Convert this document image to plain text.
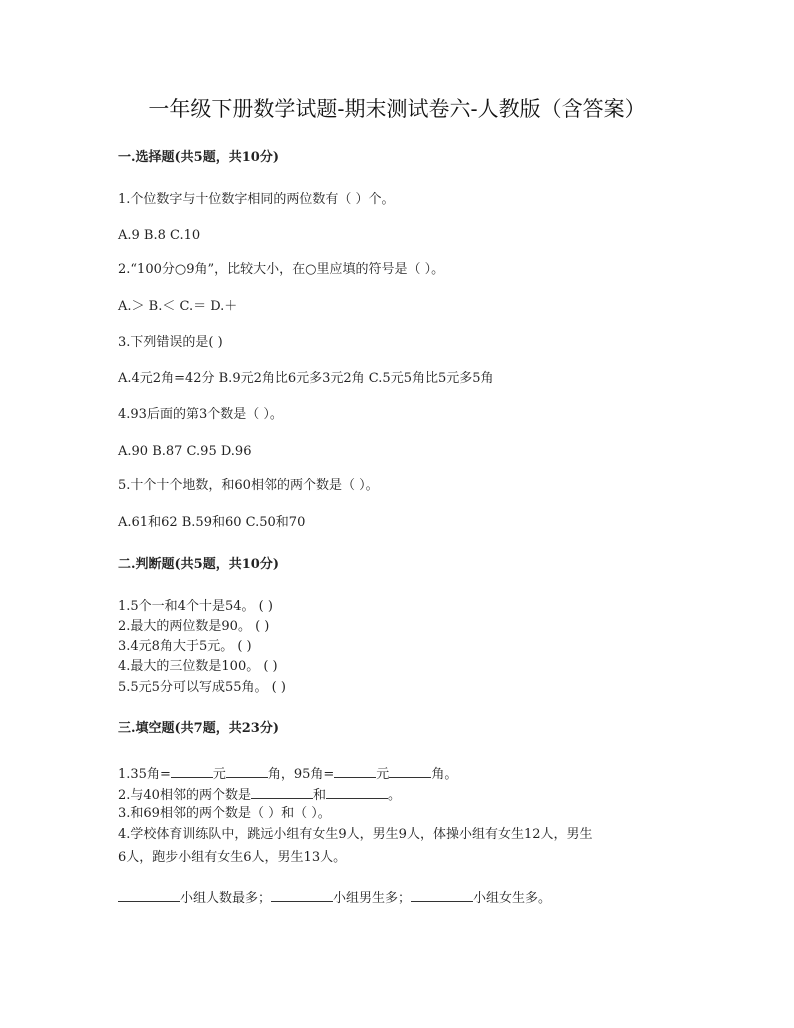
一年级下册数学试题-期末测试卷六-人教版（含答案）
一.选择题(共5题，共10分)
1.个位数字与十位数字相同的两位数有（ ）个。
A.9 B.8 C.10
2.“100分○9角”，比较大小，在○里应填的符号是（ ）。
A.＞ B.＜ C.＝ D.＋
3.下列错误的是( )
A.4元2角=42分 B.9元2角比6元多3元2角 C.5元5角比5元多5角
4.93后面的第3个数是（ ）。
A.90 B.87 C.95 D.96
5.十个十个地数，和60相邻的两个数是（ ）。
A.61和62 B.59和60 C.50和70
二.判断题(共5题，共10分)
1.5个一和4个十是54。 ( )
2.最大的两位数是90。 ( )
3.4元8角大于5元。 ( )
4.最大的三位数是100。 ( )
5.5元5分可以写成55角。 ( )
三.填空题(共7题，共23分)
1.35角=	元	角，95角=	元	角。
2.与40相邻的两个数是	和	。
3.和69相邻的两个数是（ ）和（ ）。
4.学校体育训练队中，跳远小组有女生9人，男生9人，体操小组有女生12人，男生
6人，跑步小组有女生6人，男生13人。
小组人数最多；	小组男生多；	小组女生多。
